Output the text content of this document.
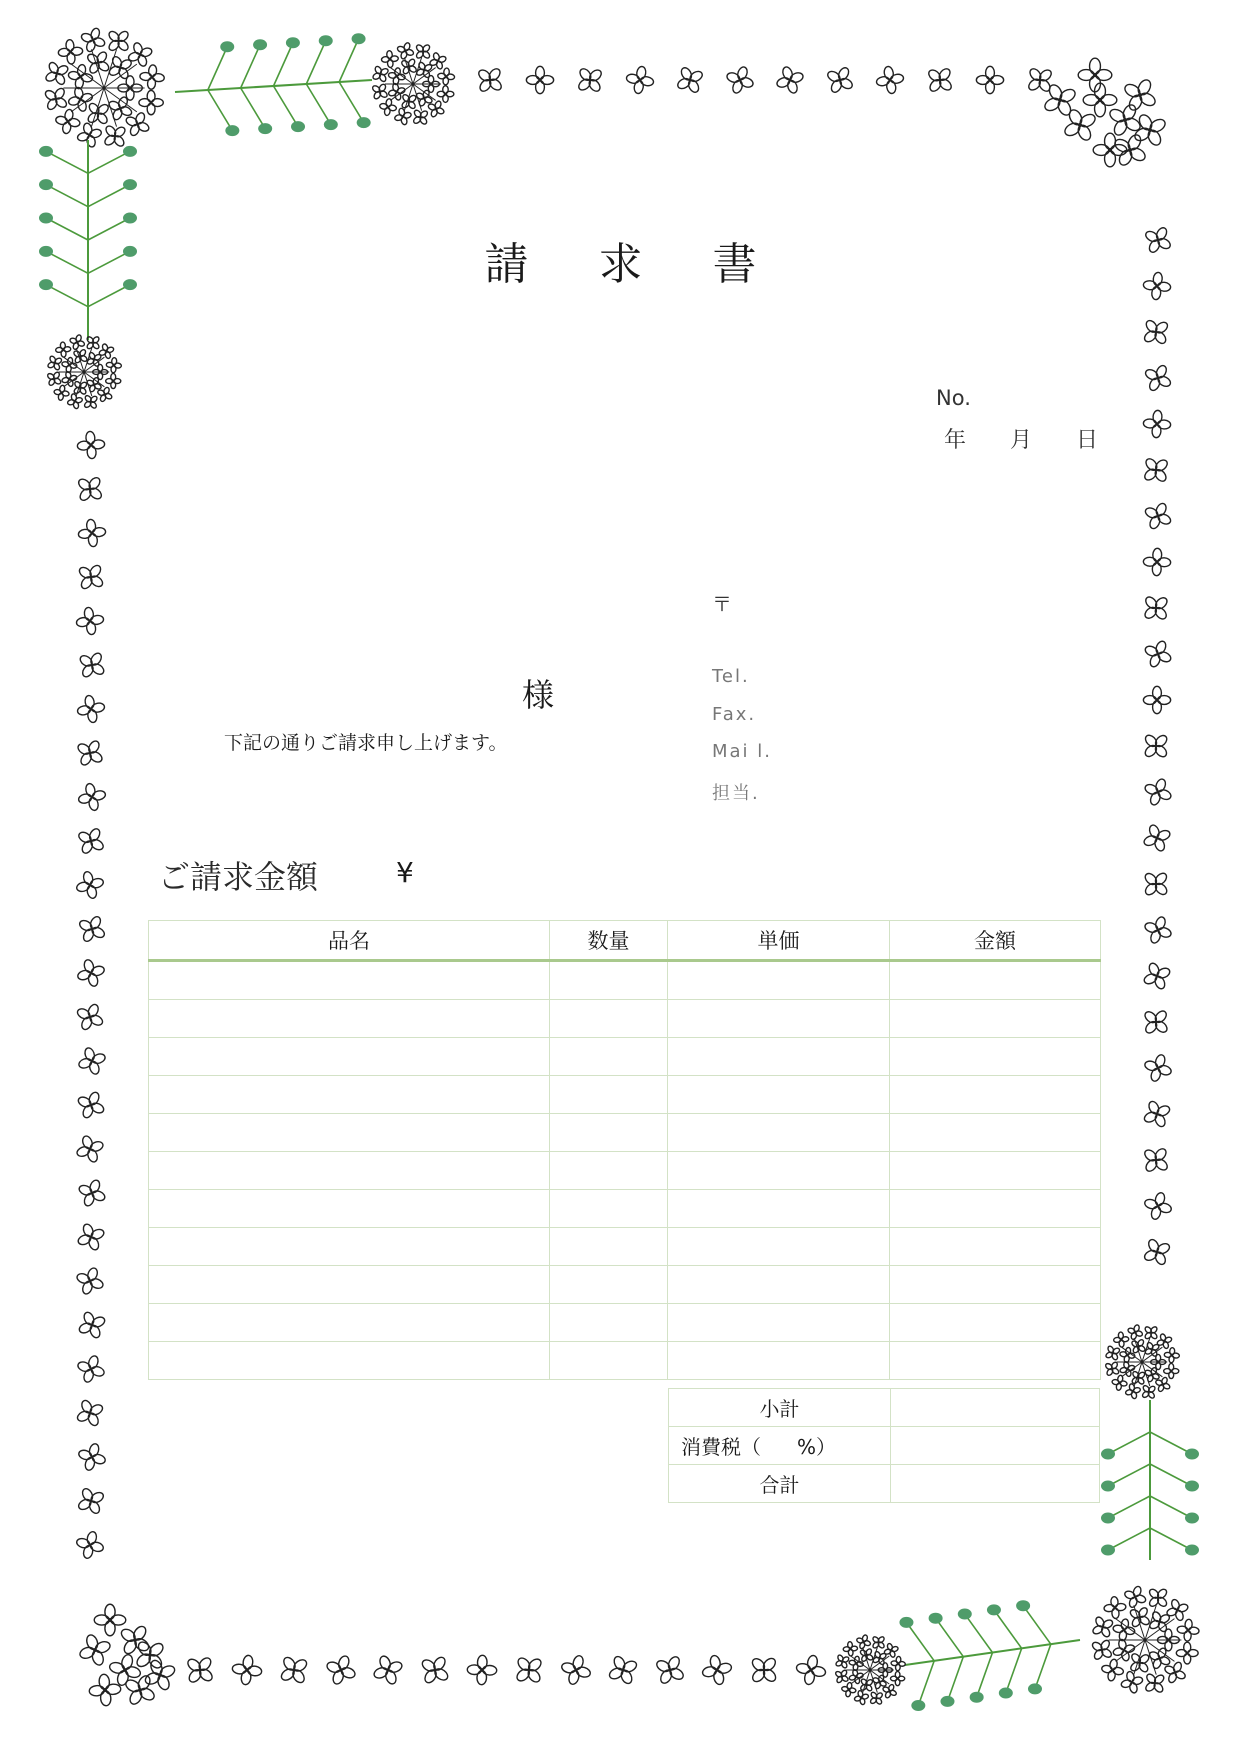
請 求 書
No.
年 月 日
〒
Tel.
Fax.
Mai l.
担当.
様
下記の通りご請求申し上げます。
ご請求金額	¥
品名	数量	単価	金額

小計	
消費税（ %）	
合計	
